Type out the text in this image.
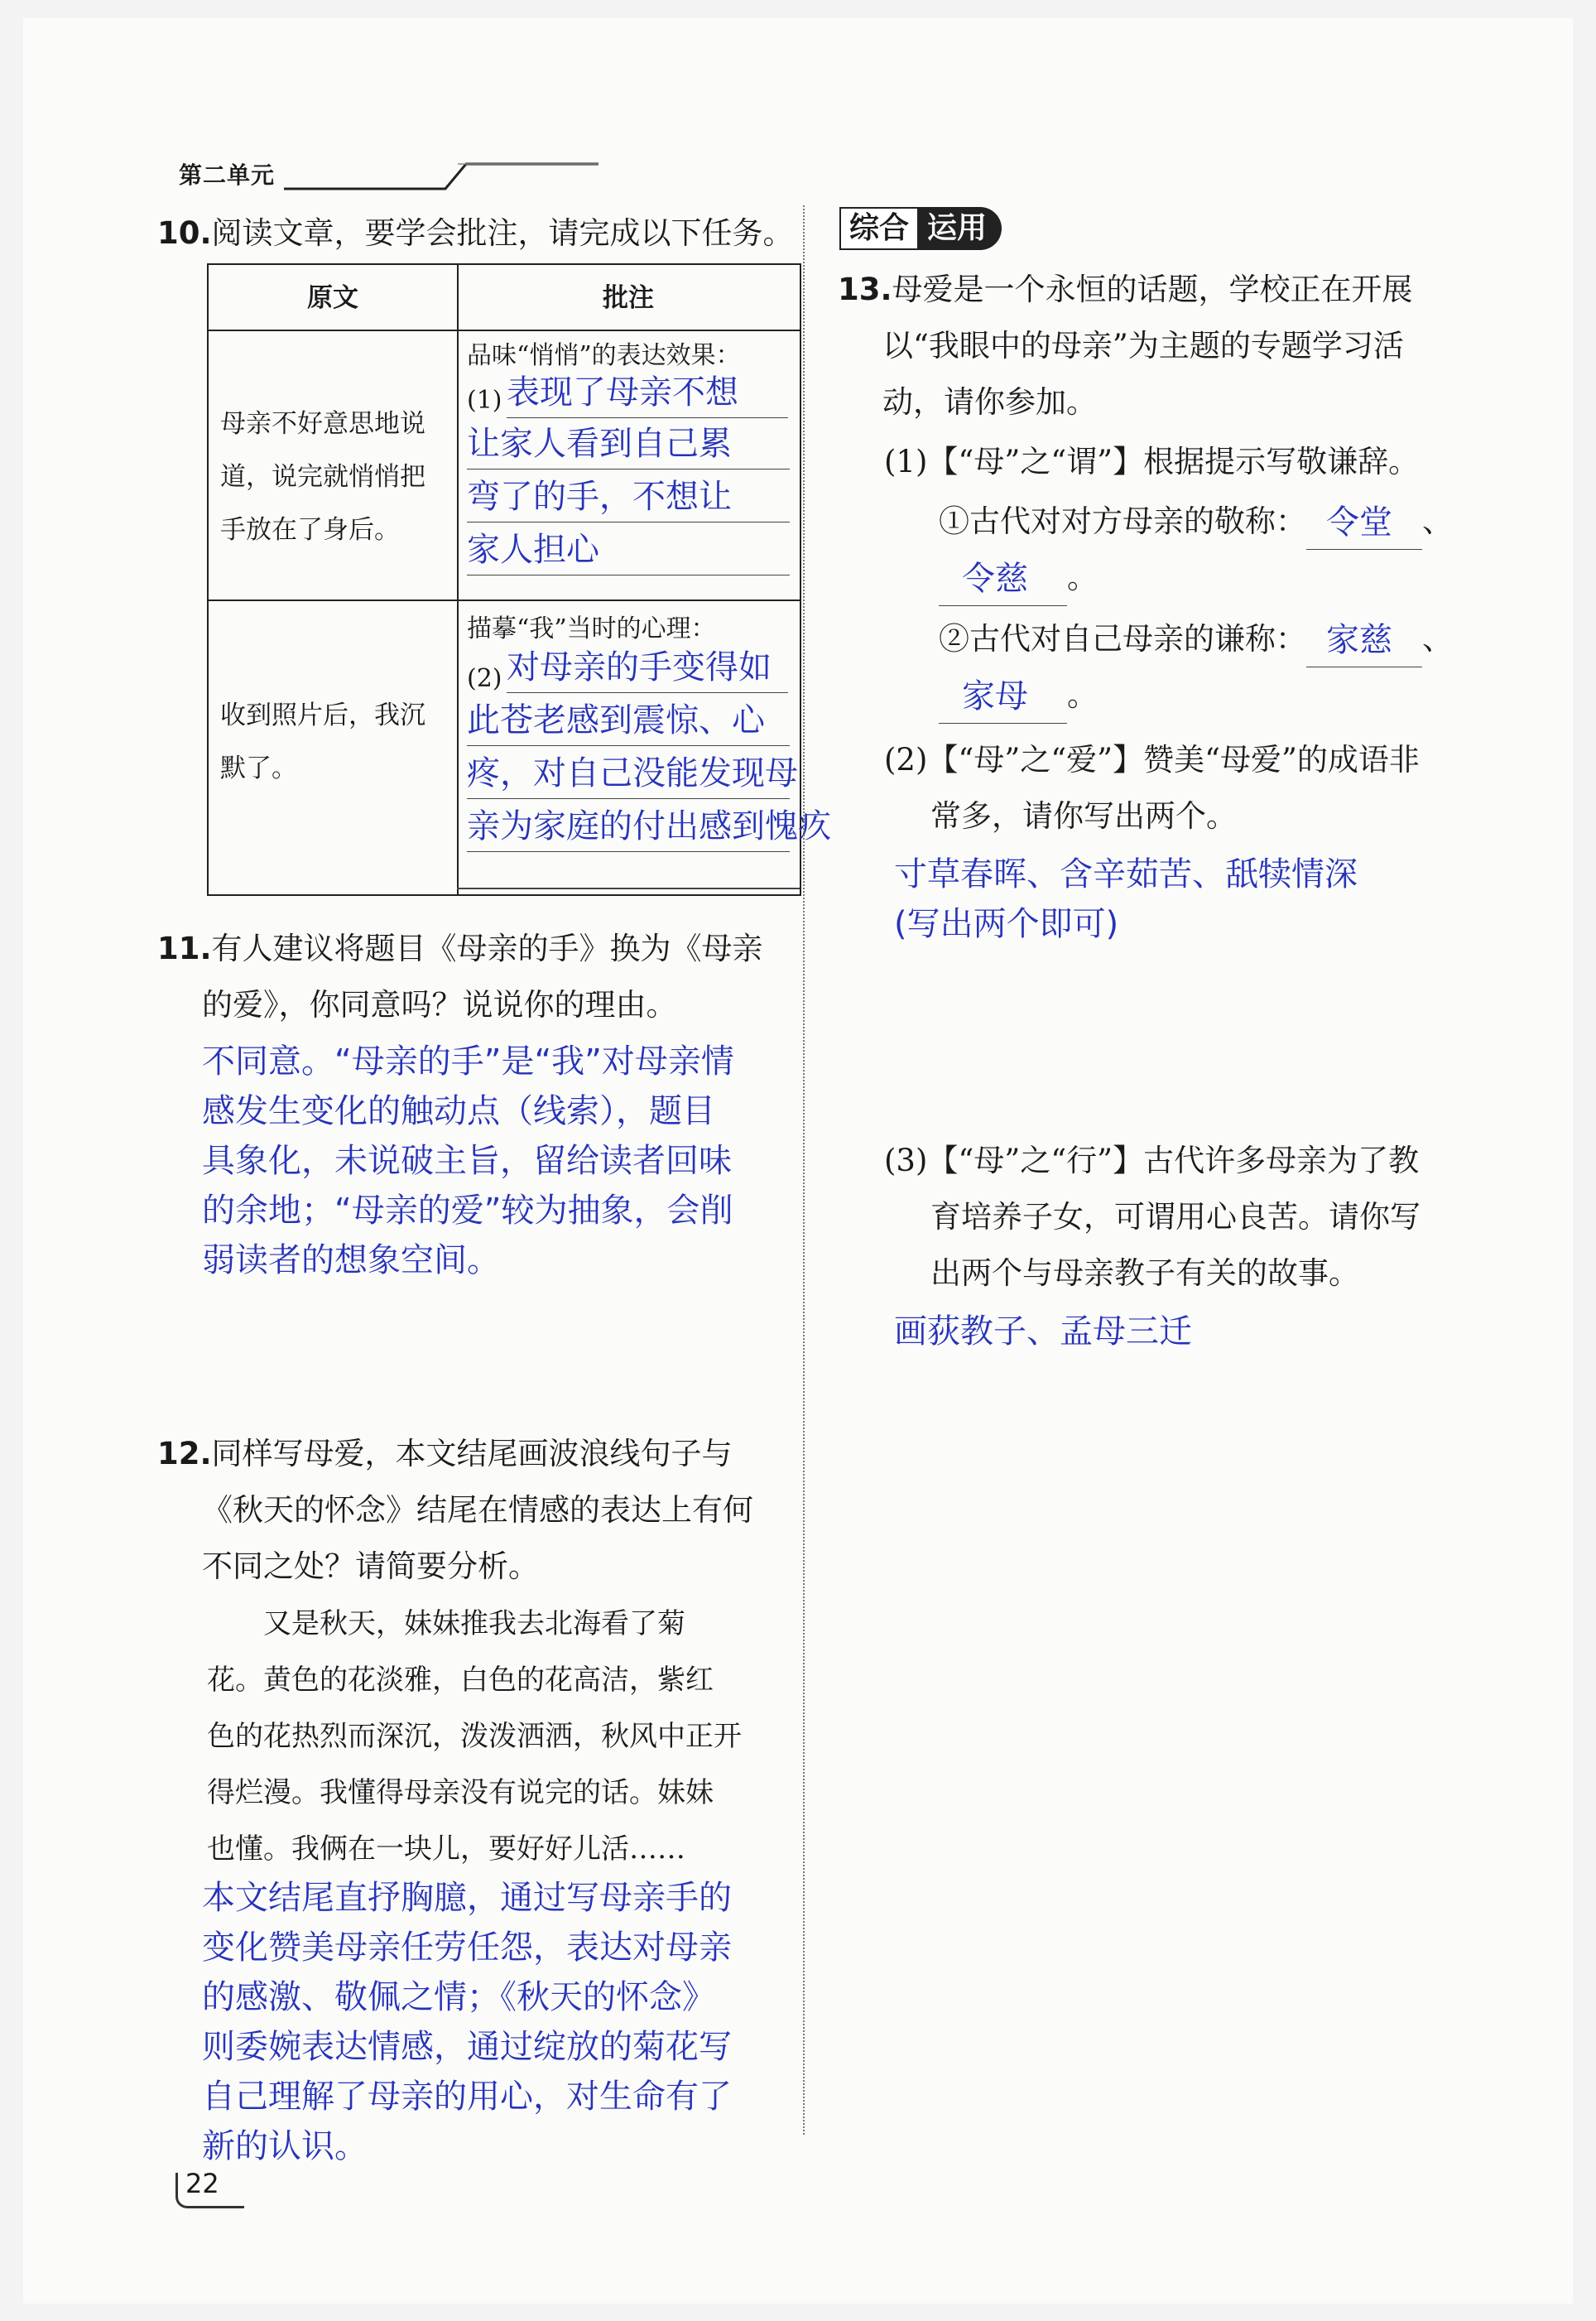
第二单元
10.阅读文章，要学会批注，请完成以下任务。
原文	批注
母亲不好意思地说
道，说完就悄悄把
手放在了身后。
品味“悄悄”的表达效果：
(1) 表现了母亲不想
让家人看到自己累
弯了的手，不想让
家人担心
收到照片后，我沉
默了。
描摹“我”当时的心理：
(2) 对母亲的手变得如
此苍老感到震惊、心
疼，对自己没能发现母
亲为家庭的付出感到愧疚
11.有人建议将题目《母亲的手》换为《母亲
的爱》，你同意吗？说说你的理由。
不同意。“母亲的手”是“我”对母亲情
感发生变化的触动点（线索），题目
具象化，未说破主旨，留给读者回味
的余地；“母亲的爱”较为抽象，会削
弱读者的想象空间。
12.同样写母爱，本文结尾画波浪线句子与
《秋天的怀念》结尾在情感的表达上有何
不同之处？请简要分析。
又是秋天，妹妹推我去北海看了菊
花。黄色的花淡雅，白色的花高洁，紫红
色的花热烈而深沉，泼泼洒洒，秋风中正开
得烂漫。我懂得母亲没有说完的话。妹妹
也懂。我俩在一块儿，要好好儿活……
本文结尾直抒胸臆，通过写母亲手的
变化赞美母亲任劳任怨，表达对母亲
的感激、敬佩之情；《秋天的怀念》
则委婉表达情感，通过绽放的菊花写
自己理解了母亲的用心，对生命有了
新的认识。
综合 运用
13.母爱是一个永恒的话题，学校正在开展
以“我眼中的母亲”为主题的专题学习活
动，请你参加。
(1)【“母”之“谓”】根据提示写敬谦辞。
①古代对对方母亲的敬称： 令堂 、
令慈 。
②古代对自己母亲的谦称： 家慈 、
家母 。
(2)【“母”之“爱”】赞美“母爱”的成语非
常多，请你写出两个。
寸草春晖、含辛茹苦、舐犊情深
(写出两个即可)
(3)【“母”之“行”】古代许多母亲为了教
育培养子女，可谓用心良苦。请你写
出两个与母亲教子有关的故事。
画荻教子、孟母三迁
22
